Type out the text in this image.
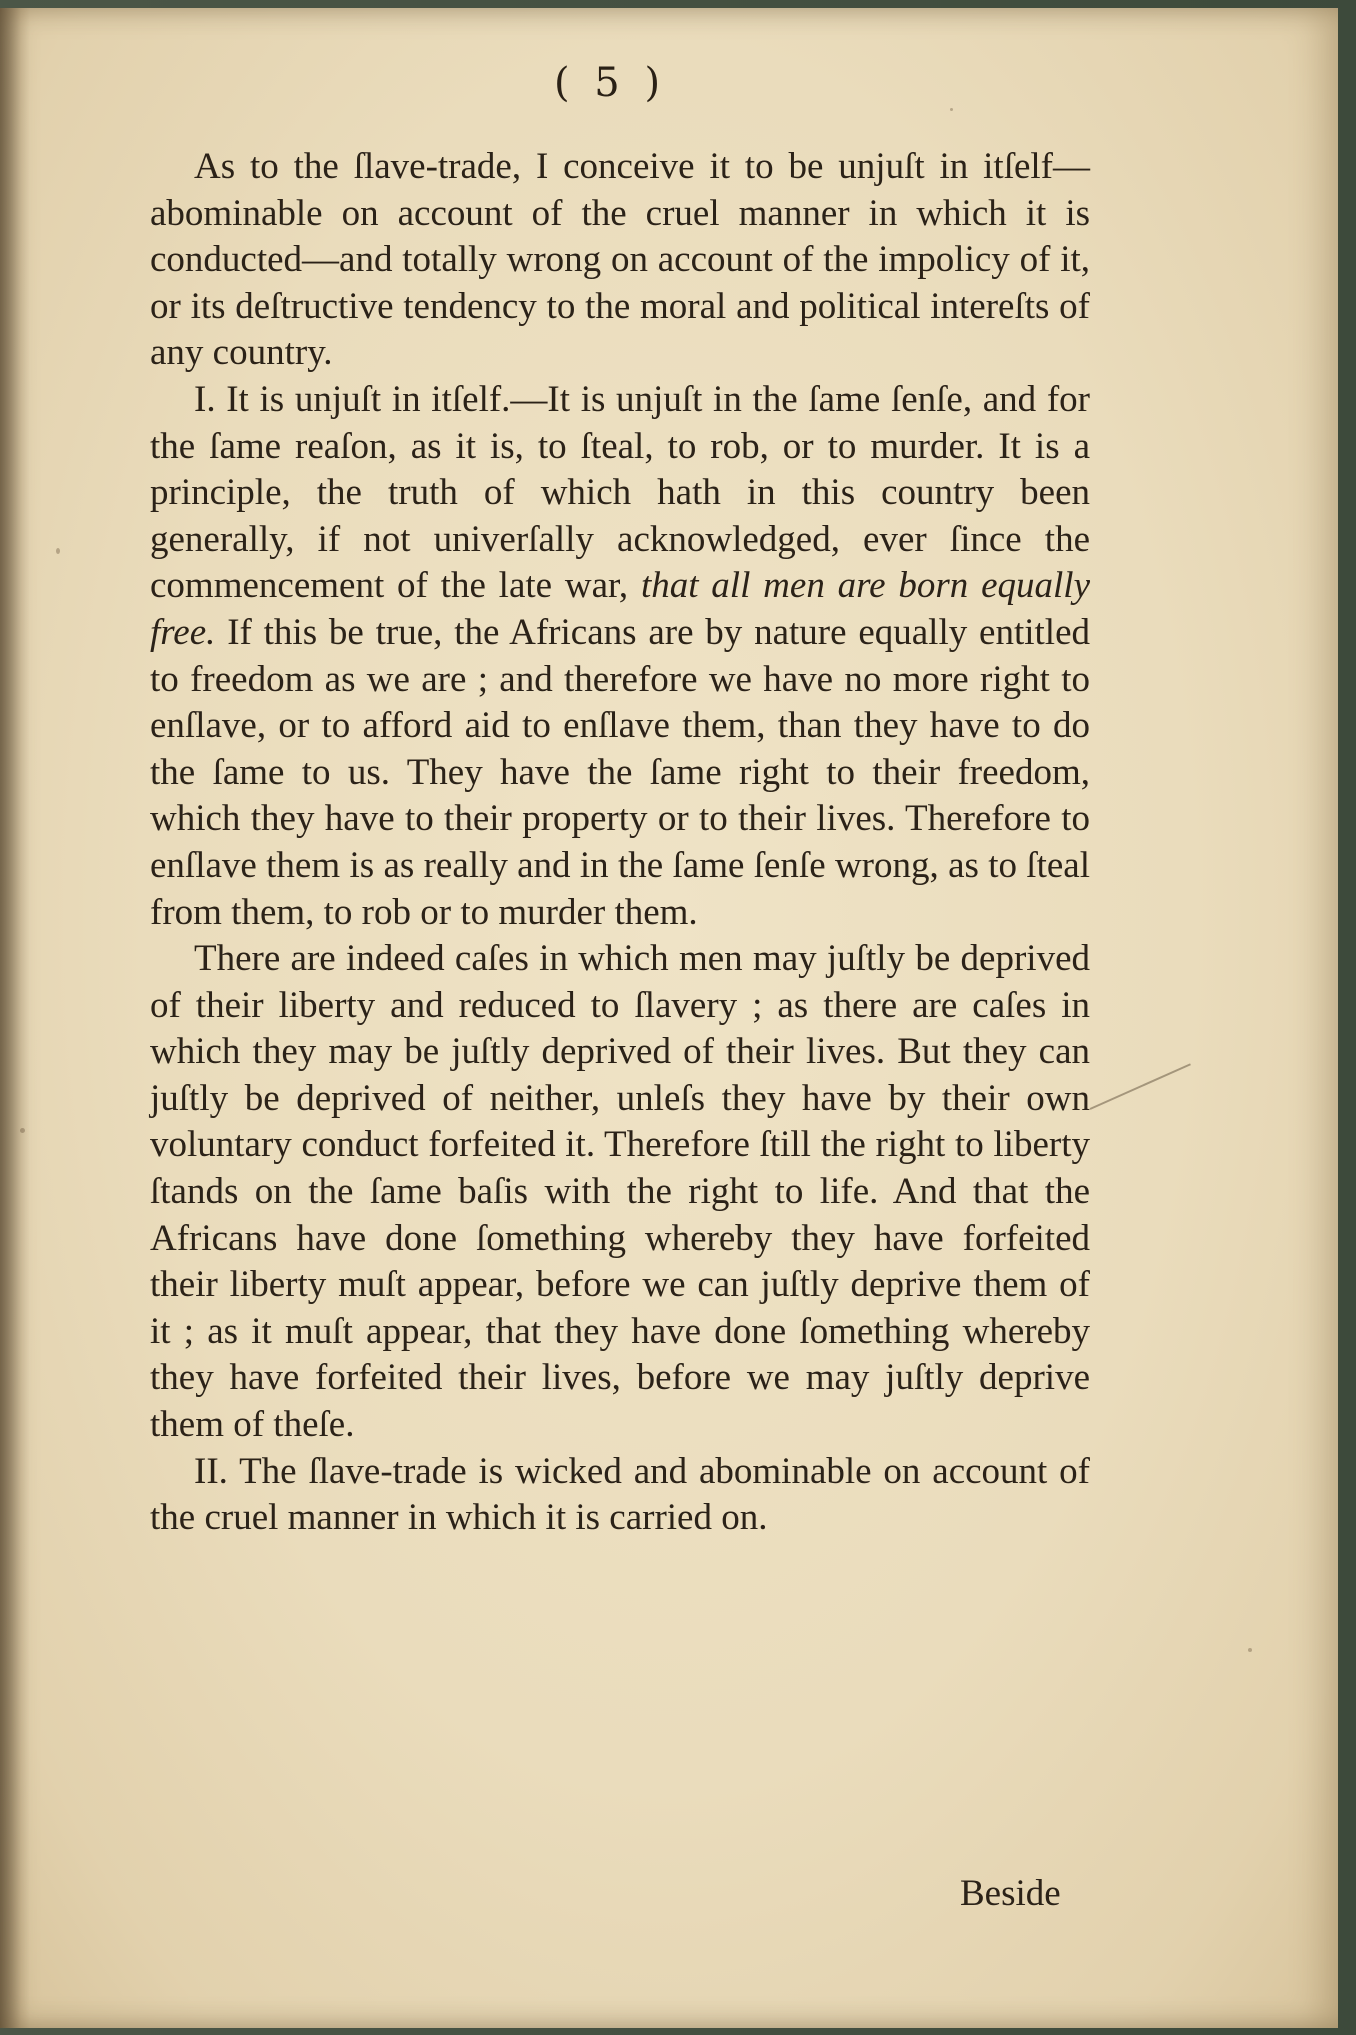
( 5 )

As to the ſlave-trade, I conceive it to be unjuſt in itſelf—abominable on account of the cruel manner in which it is conducted—and totally wrong on account of the impolicy of it, or its deſtructive tendency to the moral and political intereſts of any country.

I. It is unjuſt in itſelf.—It is unjuſt in the ſame ſenſe, and for the ſame reaſon, as it is, to ſteal, to rob, or to murder. It is a principle, the truth of which hath in this country been generally, if not univerſally acknowledged, ever ſince the commencement of the late war, that all men are born equally free. If this be true, the Africans are by nature equally entitled to freedom as we are ; and therefore we have no more right to enſlave, or to afford aid to enſlave them, than they have to do the ſame to us. They have the ſame right to their freedom, which they have to their property or to their lives. Therefore to enſlave them is as really and in the ſame ſenſe wrong, as to ſteal from them, to rob or to murder them.

There are indeed caſes in which men may juſtly be deprived of their liberty and reduced to ſlavery ; as there are caſes in which they may be juſtly deprived of their lives. But they can juſtly be deprived of neither, unleſs they have by their own voluntary conduct forfeited it. Therefore ſtill the right to liberty ſtands on the ſame baſis with the right to life. And that the Africans have done ſomething whereby they have forfeited their liberty muſt appear, before we can juſtly deprive them of it ; as it muſt appear, that they have done ſomething whereby they have forfeited their lives, before we may juſtly deprive them of theſe.

II. The ſlave-trade is wicked and abominable on account of the cruel manner in which it is carried on.

Beside
